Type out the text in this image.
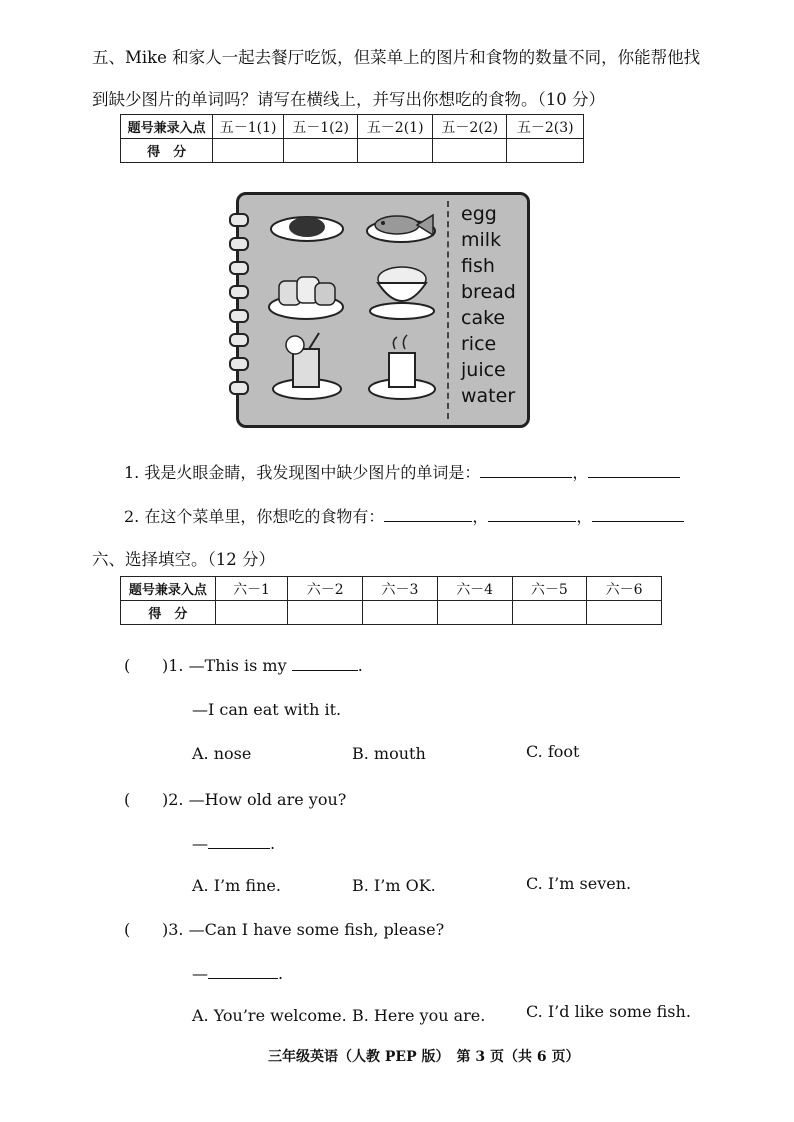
五、Mike 和家人一起去餐厅吃饭，但菜单上的图片和食物的数量不同，你能帮他找
到缺少图片的单词吗？请写在横线上，并写出你想吃的食物。（10 分）
题号兼录入点	五－1(1)	五－1(2)	五－2(1)	五－2(2)	五－2(3)
得　分					
egg
milk
fish
bread
cake
rice
juice
water
1. 我是火眼金睛，我发现图中缺少图片的单词是：	，
2. 在这个菜单里，你想吃的食物有：	，	，
六、选择填空。（12 分）
题号兼录入点	六－1	六－2	六－3	六－4	六－5	六－6
得　分						
( )1. —This is my	.
—I can eat with it.
A. nose	B. mouth	C. foot
( )2. —How old are you?
—	.
A. I’m fine.	B. I’m OK.	C. I’m seven.
( )3. —Can I have some fish, please?
—	.
A. You’re welcome. B. Here you are.	C. I’d like some fish.
三年级英语（人教 PEP 版）　第 3 页（共 6 页）
